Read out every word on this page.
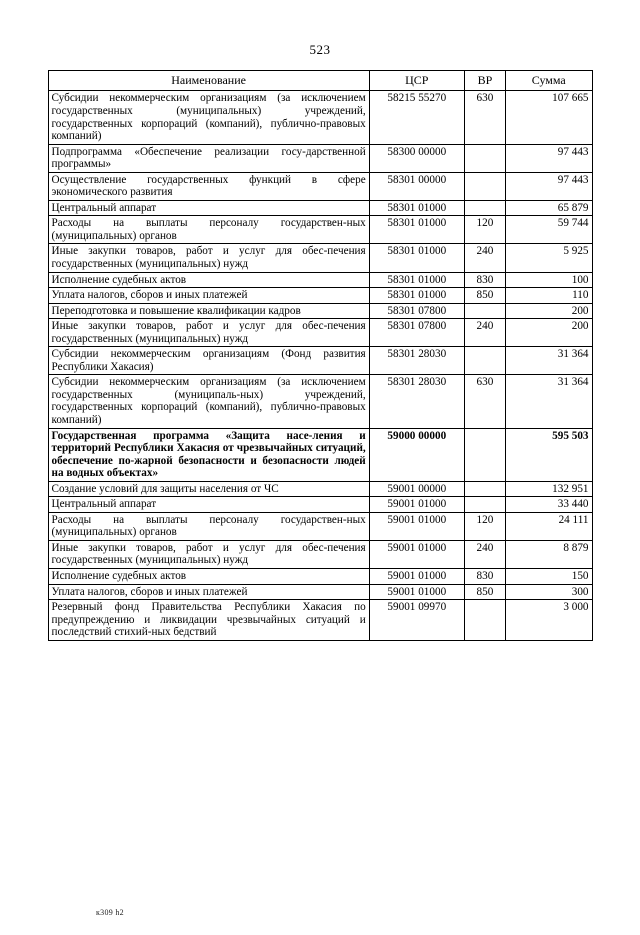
523
Наименование	ЦСР	ВР	Сумма
Субсидии некоммерческим организациям (за исключением государственных (муниципальных) учреждений, государственных корпораций (компаний), публично-правовых компаний)	58215 55270	630	107 665
Подпрограмма «Обеспечение реализации госу-дарственной программы»	58300 00000		97 443
Осуществление государственных функций в сфере экономического развития	58301 00000		97 443
Центральный аппарат	58301 01000		65 879
Расходы на выплаты персоналу государствен-ных (муниципальных) органов	58301 01000	120	59 744
Иные закупки товаров, работ и услуг для обес-печения государственных (муниципальных) нужд	58301 01000	240	5 925
Исполнение судебных актов	58301 01000	830	100
Уплата налогов, сборов и иных платежей	58301 01000	850	110
Переподготовка и повышение квалификации кадров	58301 07800		200
Иные закупки товаров, работ и услуг для обес-печения государственных (муниципальных) нужд	58301 07800	240	200
Субсидии некоммерческим организациям (Фонд развития Республики Хакасия)	58301 28030		31 364
Субсидии некоммерческим организациям (за исключением государственных (муниципаль-ных) учреждений, государственных корпораций (компаний), публично-правовых компаний)	58301 28030	630	31 364
Государственная программа «Защита насе-ления и территорий Республики Хакасия от чрезвычайных ситуаций, обеспечение по-жарной безопасности и безопасности людей на водных объектах»	59000 00000		595 503
Создание условий для защиты населения от ЧС	59001 00000		132 951
Центральный аппарат	59001 01000		33 440
Расходы на выплаты персоналу государствен-ных (муниципальных) органов	59001 01000	120	24 111
Иные закупки товаров, работ и услуг для обес-печения государственных (муниципальных) нужд	59001 01000	240	8 879
Исполнение судебных актов	59001 01000	830	150
Уплата налогов, сборов и иных платежей	59001 01000	850	300
Резервный фонд Правительства Республики Хакасия по предупреждению и ликвидации чрезвычайных ситуаций и последствий стихий-ных бедствий	59001 09970		3 000
к309 h2
